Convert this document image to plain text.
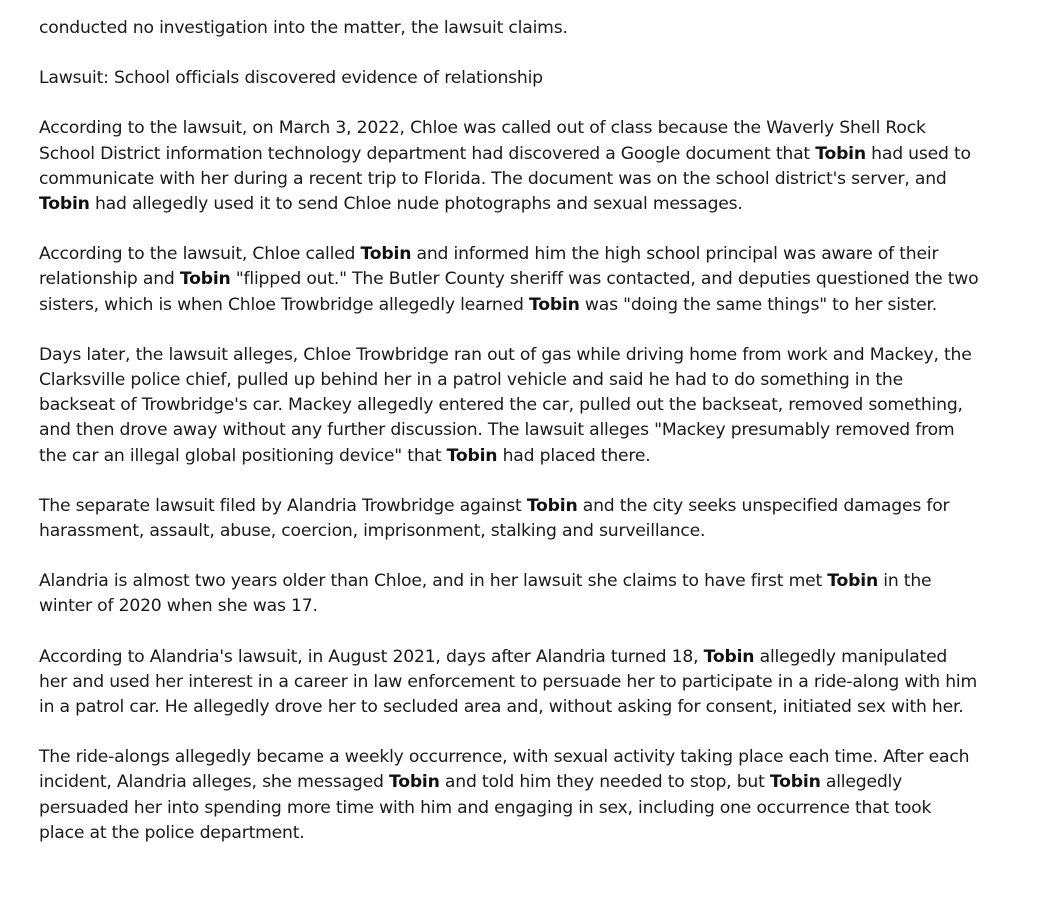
conducted no investigation into the matter, the lawsuit claims.

Lawsuit: School officials discovered evidence of relationship

According to the lawsuit, on March 3, 2022, Chloe was called out of class because the Waverly Shell Rock School District information technology department had discovered a Google document that Tobin had used to communicate with her during a recent trip to Florida. The document was on the school district's server, and Tobin had allegedly used it to send Chloe nude photographs and sexual messages.

According to the lawsuit, Chloe called Tobin and informed him the high school principal was aware of their relationship and Tobin "flipped out." The Butler County sheriff was contacted, and deputies questioned the two sisters, which is when Chloe Trowbridge allegedly learned Tobin was "doing the same things" to her sister.

Days later, the lawsuit alleges, Chloe Trowbridge ran out of gas while driving home from work and Mackey, the Clarksville police chief, pulled up behind her in a patrol vehicle and said he had to do something in the backseat of Trowbridge's car. Mackey allegedly entered the car, pulled out the backseat, removed something, and then drove away without any further discussion. The lawsuit alleges "Mackey presumably removed from the car an illegal global positioning device" that Tobin had placed there.

The separate lawsuit filed by Alandria Trowbridge against Tobin and the city seeks unspecified damages for harassment, assault, abuse, coercion, imprisonment, stalking and surveillance.

Alandria is almost two years older than Chloe, and in her lawsuit she claims to have first met Tobin in the winter of 2020 when she was 17.

According to Alandria's lawsuit, in August 2021, days after Alandria turned 18, Tobin allegedly manipulated her and used her interest in a career in law enforcement to persuade her to participate in a ride-along with him in a patrol car. He allegedly drove her to secluded area and, without asking for consent, initiated sex with her.

The ride-alongs allegedly became a weekly occurrence, with sexual activity taking place each time. After each incident, Alandria alleges, she messaged Tobin and told him they needed to stop, but Tobin allegedly persuaded her into spending more time with him and engaging in sex, including one occurrence that took place at the police department.
